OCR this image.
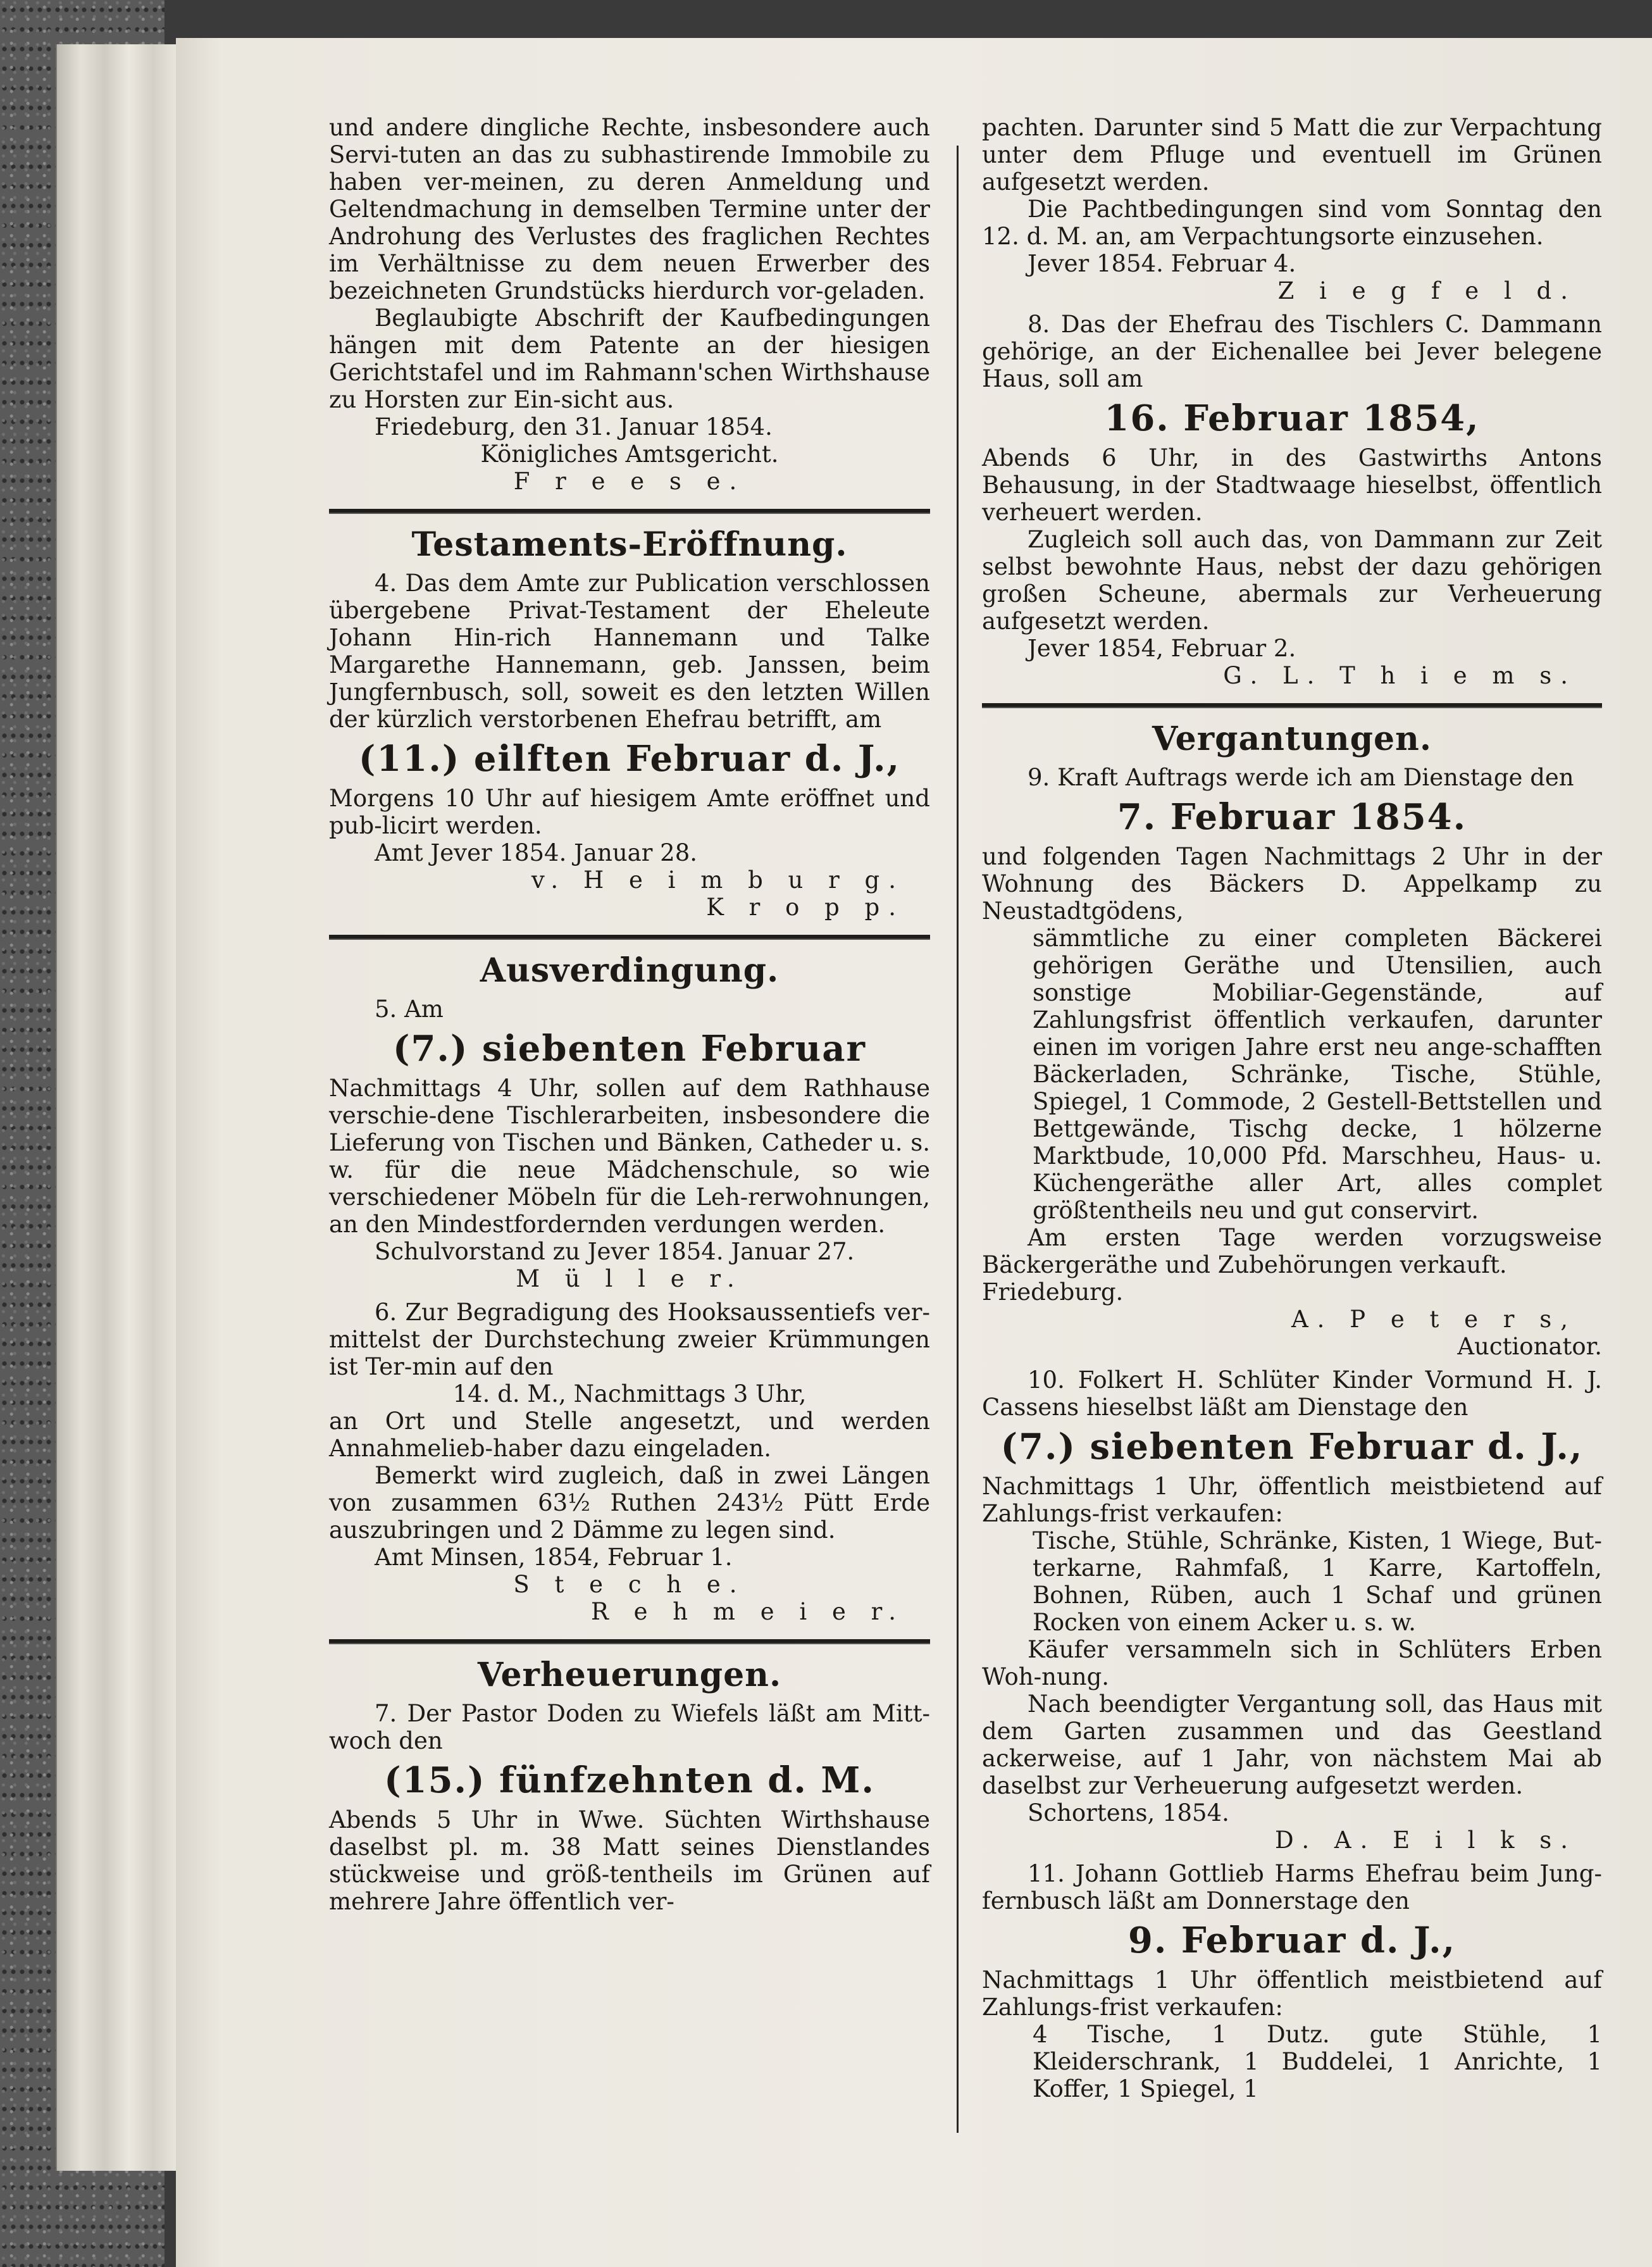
und andere dingliche Rechte, insbesondere auch Servi-tuten an das zu subhastirende Immobile zu haben ver-meinen, zu deren Anmeldung und Geltendmachung in demselben Termine unter der Androhung des Verlustes des fraglichen Rechtes im Verhältnisse zu dem neuen Erwerber des bezeichneten Grundstücks hierdurch vor-geladen.

Beglaubigte Abschrift der Kaufbedingungen hängen mit dem Patente an der hiesigen Gerichtstafel und im Rahmann'schen Wirthshause zu Horsten zur Ein-sicht aus.

Friedeburg, den 31. Januar 1854.

Königliches Amtsgericht.

F r e e s e.

Testaments-Eröffnung.

4. Das dem Amte zur Publication verschlossen übergebene Privat-Testament der Eheleute Johann Hin-rich Hannemann und Talke Margarethe Hannemann, geb. Janssen, beim Jungfernbusch, soll, soweit es den letzten Willen der kürzlich verstorbenen Ehefrau betrifft, am

(11.) eilften Februar d. J.,

Morgens 10 Uhr auf hiesigem Amte eröffnet und pub-licirt werden.

Amt Jever 1854. Januar 28.

v. H e i m b u r g.

K r o p p.

Ausverdingung.

5. Am

(7.) siebenten Februar

Nachmittags 4 Uhr, sollen auf dem Rathhause verschie-dene Tischlerarbeiten, insbesondere die Lieferung von Tischen und Bänken, Catheder u. s. w. für die neue Mädchenschule, so wie verschiedener Möbeln für die Leh-rerwohnungen, an den Mindestfordernden verdungen werden.

Schulvorstand zu Jever 1854. Januar 27.

M ü l l e r.

6. Zur Begradigung des Hooksaussentiefs ver-mittelst der Durchstechung zweier Krümmungen ist Ter-min auf den

14. d. M., Nachmittags 3 Uhr,

an Ort und Stelle angesetzt, und werden Annahmelieb-haber dazu eingeladen.

Bemerkt wird zugleich, daß in zwei Längen von zusammen 63½ Ruthen 243½ Pütt Erde auszubringen und 2 Dämme zu legen sind.

Amt Minsen, 1854, Februar 1.

S t e c h e.

R e h m e i e r.

Verheuerungen.

7. Der Pastor Doden zu Wiefels läßt am Mitt-woch den

(15.) fünfzehnten d. M.

Abends 5 Uhr in Wwe. Süchten Wirthshause daselbst pl. m. 38 Matt seines Dienstlandes stückweise und größ-tentheils im Grünen auf mehrere Jahre öffentlich ver-

pachten. Darunter sind 5 Matt die zur Verpachtung unter dem Pfluge und eventuell im Grünen aufgesetzt werden.

Die Pachtbedingungen sind vom Sonntag den 12. d. M. an, am Verpachtungsorte einzusehen.

Jever 1854. Februar 4.

Z i e g f e l d.

8. Das der Ehefrau des Tischlers C. Dammann gehörige, an der Eichenallee bei Jever belegene Haus, soll am

16. Februar 1854,

Abends 6 Uhr, in des Gastwirths Antons Behausung, in der Stadtwaage hieselbst, öffentlich verheuert werden.

Zugleich soll auch das, von Dammann zur Zeit selbst bewohnte Haus, nebst der dazu gehörigen großen Scheune, abermals zur Verheuerung aufgesetzt werden.

Jever 1854, Februar 2.

G. L. T h i e m s.

Vergantungen.

9. Kraft Auftrags werde ich am Dienstage den

7. Februar 1854.

und folgenden Tagen Nachmittags 2 Uhr in der Wohnung des Bäckers D. Appelkamp zu Neustadtgödens,

sämmtliche zu einer completen Bäckerei gehörigen Geräthe und Utensilien, auch sonstige Mobiliar-Gegenstände, auf Zahlungsfrist öffentlich verkaufen, darunter einen im vorigen Jahre erst neu ange-schafften Bäckerladen, Schränke, Tische, Stühle, Spiegel, 1 Commode, 2 Gestell-Bettstellen und Bettgewände, Tischg decke, 1 hölzerne Marktbude, 10,000 Pfd. Marschheu, Haus- u. Küchengeräthe aller Art, alles complet größtentheils neu und gut conservirt.

Am ersten Tage werden vorzugsweise Bäckergeräthe und Zubehörungen verkauft.

Friedeburg.

A. P e t e r s,

Auctionator.

10. Folkert H. Schlüter Kinder Vormund H. J. Cassens hieselbst läßt am Dienstage den

(7.) siebenten Februar d. J.,

Nachmittags 1 Uhr, öffentlich meistbietend auf Zahlungs-frist verkaufen:

Tische, Stühle, Schränke, Kisten, 1 Wiege, But-terkarne, Rahmfaß, 1 Karre, Kartoffeln, Bohnen, Rüben, auch 1 Schaf und grünen Rocken von einem Acker u. s. w.

Käufer versammeln sich in Schlüters Erben Woh-nung.

Nach beendigter Vergantung soll, das Haus mit dem Garten zusammen und das Geestland ackerweise, auf 1 Jahr, von nächstem Mai ab daselbst zur Verheuerung aufgesetzt werden.

Schortens, 1854.

D. A. E i l k s.

11. Johann Gottlieb Harms Ehefrau beim Jung-fernbusch läßt am Donnerstage den

9. Februar d. J.,

Nachmittags 1 Uhr öffentlich meistbietend auf Zahlungs-frist verkaufen:

4 Tische, 1 Dutz. gute Stühle, 1 Kleiderschrank, 1 Buddelei, 1 Anrichte, 1 Koffer, 1 Spiegel, 1
